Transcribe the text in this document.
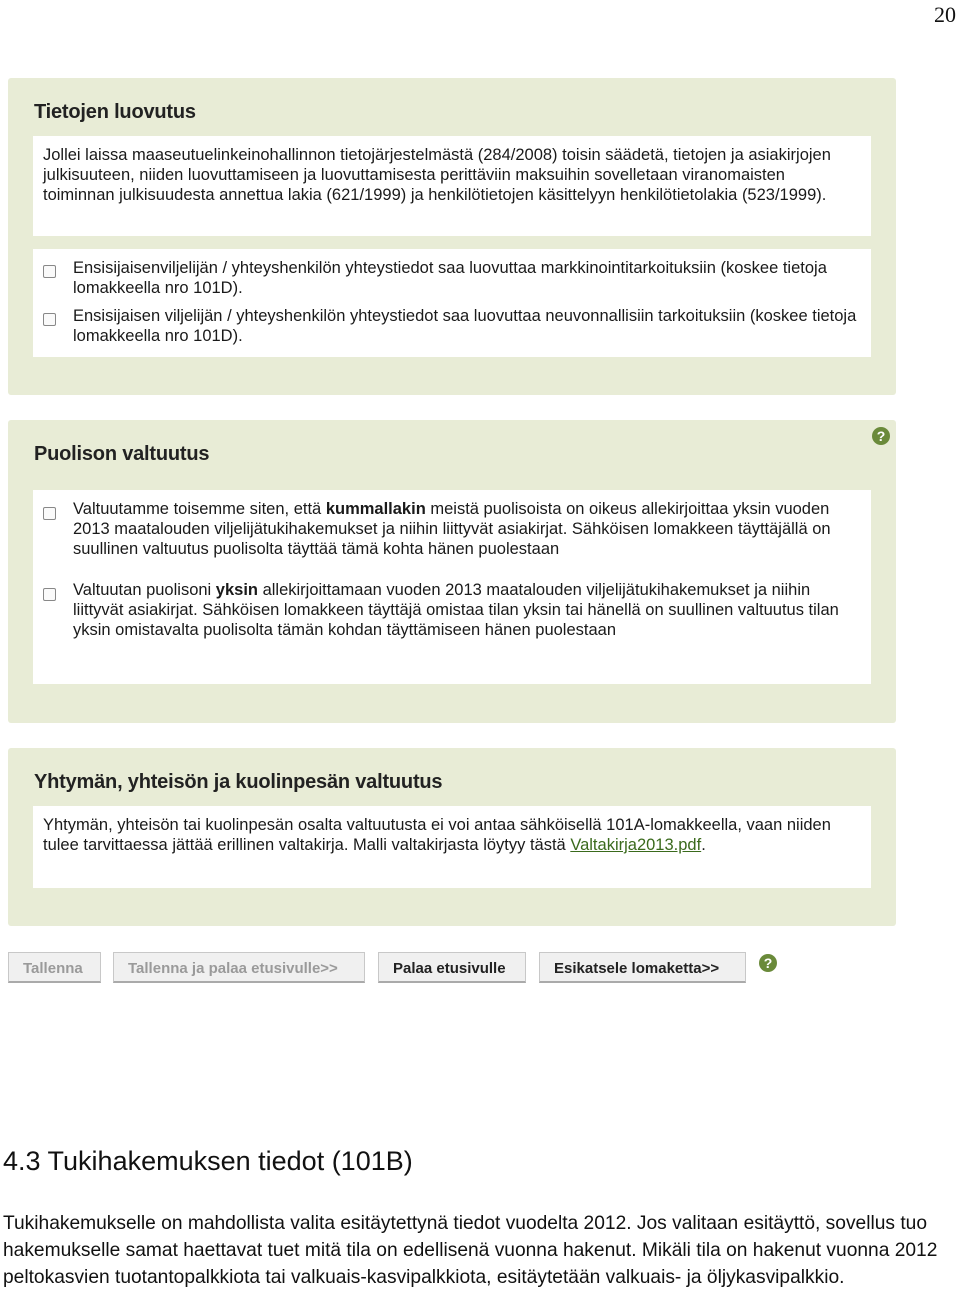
20
Tietojen luovutus
Jollei laissa maaseutuelinkeinohallinnon tietojärjestelmästä (284/2008) toisin säädetä, tietojen ja asiakirjojen julkisuuteen, niiden luovuttamiseen ja luovuttamisesta perittäviin maksuihin sovelletaan viranomaisten toiminnan julkisuudesta annettua lakia (621/1999) ja henkilötietojen käsittelyyn henkilötietolakia (523/1999).
Ensisijaisenviljelijän / yhteyshenkilön yhteystiedot saa luovuttaa markkinointitarkoituksiin (koskee tietoja lomakkeella nro 101D).
Ensisijaisen viljelijän / yhteyshenkilön yhteystiedot saa luovuttaa neuvonnallisiin tarkoituksiin (koskee tietoja lomakkeella nro 101D).
Puolison valtuutus
?
Valtuutamme toisemme siten, että kummallakin meistä puolisoista on oikeus allekirjoittaa yksin vuoden 2013 maatalouden viljelijätukihakemukset ja niihin liittyvät asiakirjat. Sähköisen lomakkeen täyttäjällä on suullinen valtuutus puolisolta täyttää tämä kohta hänen puolestaan
Valtuutan puolisoni yksin allekirjoittamaan vuoden 2013 maatalouden viljelijätukihakemukset ja niihin liittyvät asiakirjat. Sähköisen lomakkeen täyttäjä omistaa tilan yksin tai hänellä on suullinen valtuutus tilan yksin omistavalta puolisolta tämän kohdan täyttämiseen hänen puolestaan
Yhtymän, yhteisön ja kuolinpesän valtuutus
Yhtymän, yhteisön tai kuolinpesän osalta valtuutusta ei voi antaa sähköisellä 101A-lomakkeella, vaan niiden tulee tarvittaessa jättää erillinen valtakirja. Malli valtakirjasta löytyy tästä Valtakirja2013.pdf.
Tallenna	Tallenna ja palaa etusivulle>>	Palaa etusivulle	Esikatsele lomaketta>>	?
4.3 Tukihakemuksen tiedot (101B)
Tukihakemukselle on mahdollista valita esitäytettynä tiedot vuodelta 2012. Jos valitaan esitäyttö, sovellus tuo hakemukselle samat haettavat tuet mitä tila on edellisenä vuonna hakenut. Mikäli tila on hakenut vuonna 2012 peltokasvien tuotantopalkkiota tai valkuais-kasvipalkkiota, esitäytetään valkuais- ja öljykasvipalkkio.
